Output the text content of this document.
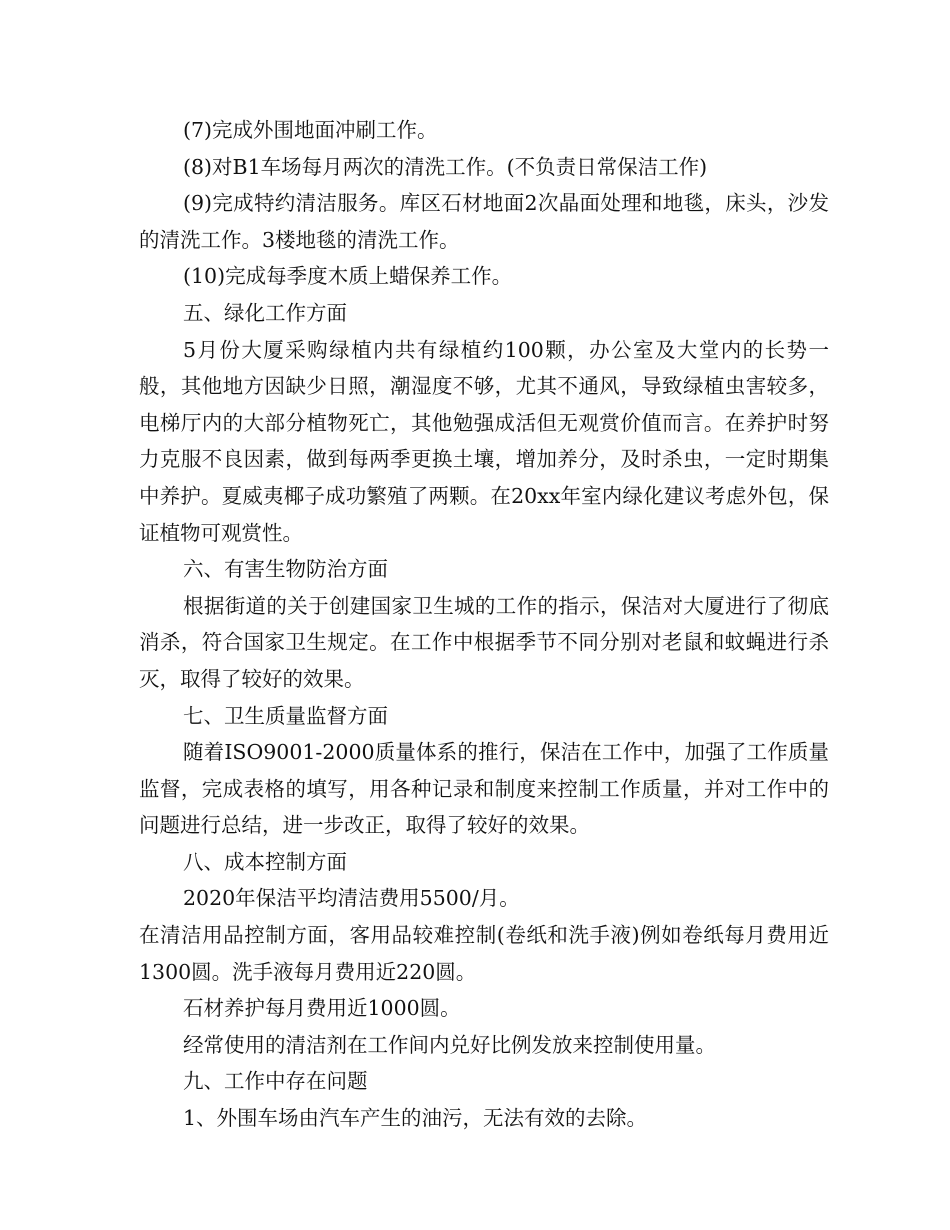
(7)完成外围地面冲刷工作。

(8)对B1车场每月两次的清洗工作。(不负责日常保洁工作)

(9)完成特约清洁服务。库区石材地面2次晶面处理和地毯，床头，沙发的清洗工作。3楼地毯的清洗工作。

(10)完成每季度木质上蜡保养工作。

五、绿化工作方面

5月份大厦采购绿植内共有绿植约100颗，办公室及大堂内的长势一般，其他地方因缺少日照，潮湿度不够，尤其不通风，导致绿植虫害较多，电梯厅内的大部分植物死亡，其他勉强成活但无观赏价值而言。在养护时努力克服不良因素，做到每两季更换土壤，增加养分，及时杀虫，一定时期集中养护。夏威夷椰子成功繁殖了两颗。在20xx年室内绿化建议考虑外包，保证植物可观赏性。

六、有害生物防治方面

根据街道的关于创建国家卫生城的工作的指示，保洁对大厦进行了彻底消杀，符合国家卫生规定。在工作中根据季节不同分别对老鼠和蚊蝇进行杀灭，取得了较好的效果。

七、卫生质量监督方面

随着ISO9001-2000质量体系的推行，保洁在工作中，加强了工作质量监督，完成表格的填写，用各种记录和制度来控制工作质量，并对工作中的问题进行总结，进一步改正，取得了较好的效果。

八、成本控制方面

2020年保洁平均清洁费用5500/月。

在清洁用品控制方面，客用品较难控制(卷纸和洗手液)例如卷纸每月费用近1300圆。洗手液每月费用近220圆。

石材养护每月费用近1000圆。

经常使用的清洁剂在工作间内兑好比例发放来控制使用量。

九、工作中存在问题

1、外围车场由汽车产生的油污，无法有效的去除。
